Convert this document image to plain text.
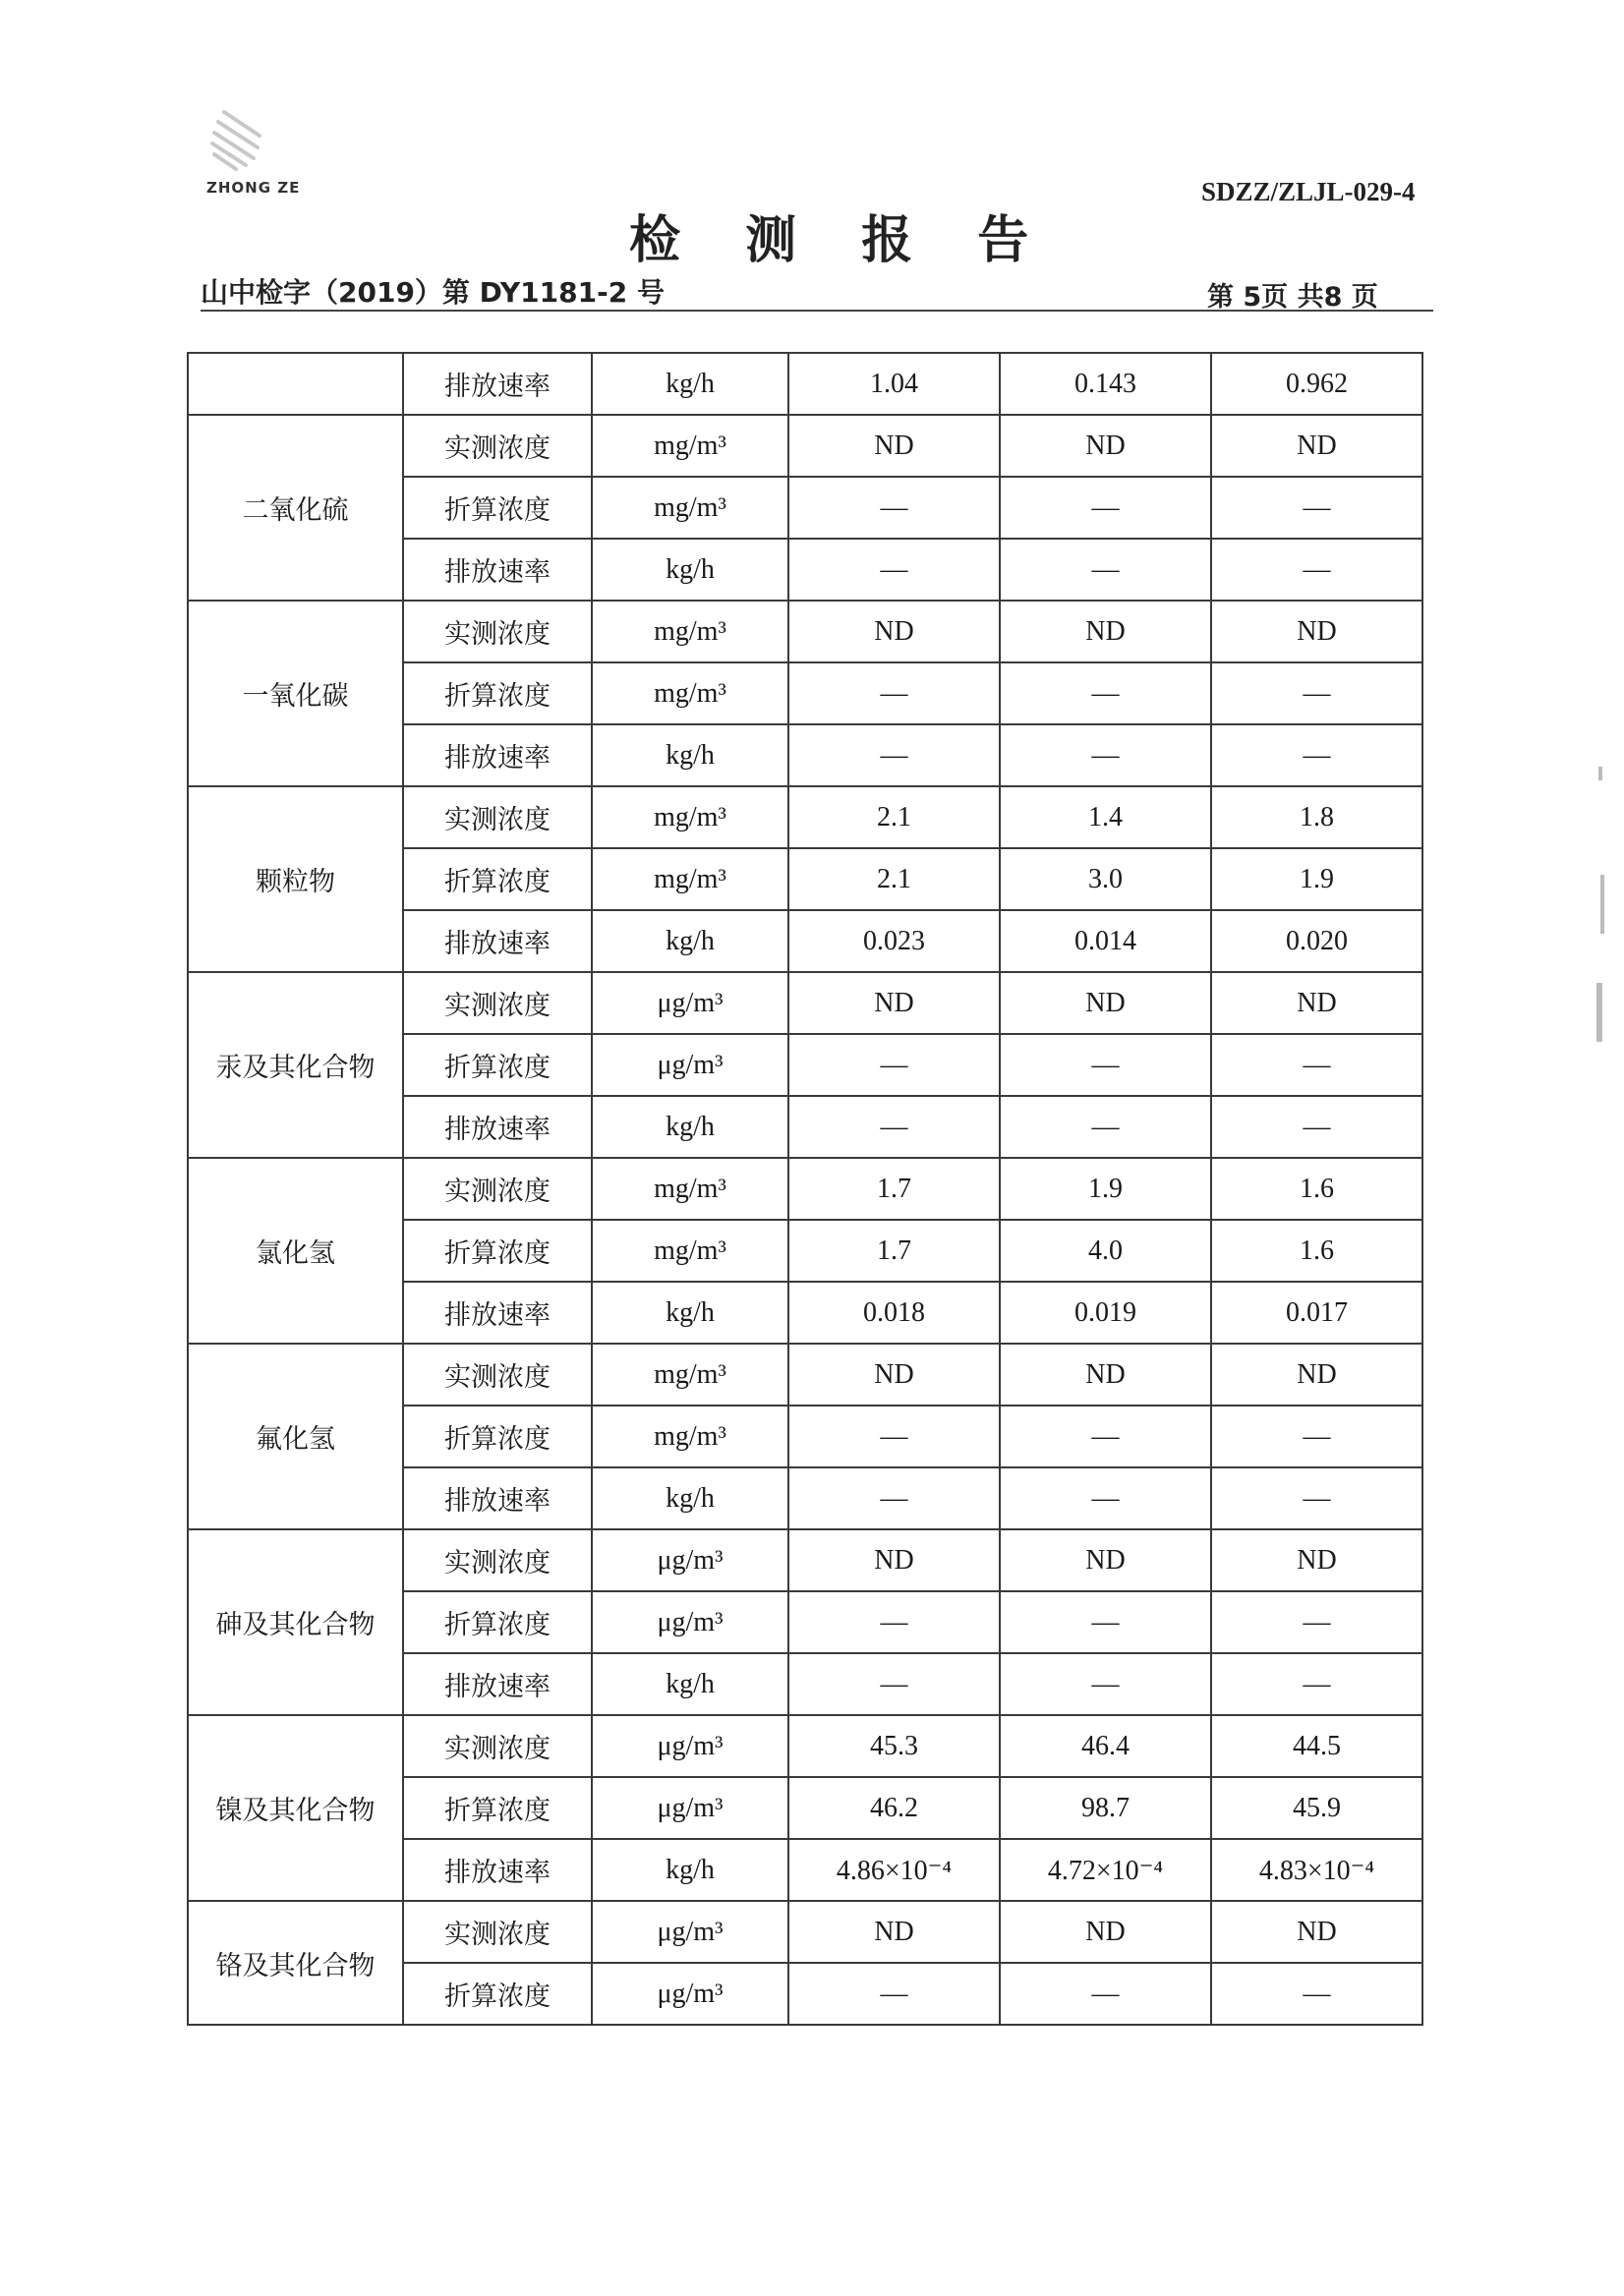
ZHONG ZE	SDZZ/ZLJL-029-4
检 测 报 告
山中检字（2019）第 DY1181-2 号	第 5页 共8 页
	排放速率	kg/h	1.04	0.143	0.962
二氧化硫	实测浓度	mg/m³	ND	ND	ND
	折算浓度	mg/m³	—	—	—
	排放速率	kg/h	—	—	—
一氧化碳	实测浓度	mg/m³	ND	ND	ND
	折算浓度	mg/m³	—	—	—
	排放速率	kg/h	—	—	—
颗粒物	实测浓度	mg/m³	2.1	1.4	1.8
	折算浓度	mg/m³	2.1	3.0	1.9
	排放速率	kg/h	0.023	0.014	0.020
汞及其化合物	实测浓度	μg/m³	ND	ND	ND
	折算浓度	μg/m³	—	—	—
	排放速率	kg/h	—	—	—
氯化氢	实测浓度	mg/m³	1.7	1.9	1.6
	折算浓度	mg/m³	1.7	4.0	1.6
	排放速率	kg/h	0.018	0.019	0.017
氟化氢	实测浓度	mg/m³	ND	ND	ND
	折算浓度	mg/m³	—	—	—
	排放速率	kg/h	—	—	—
砷及其化合物	实测浓度	μg/m³	ND	ND	ND
	折算浓度	μg/m³	—	—	—
	排放速率	kg/h	—	—	—
镍及其化合物	实测浓度	μg/m³	45.3	46.4	44.5
	折算浓度	μg/m³	46.2	98.7	45.9
	排放速率	kg/h	4.86×10⁻⁴	4.72×10⁻⁴	4.83×10⁻⁴
铬及其化合物	实测浓度	μg/m³	ND	ND	ND
	折算浓度	μg/m³	—	—	—
